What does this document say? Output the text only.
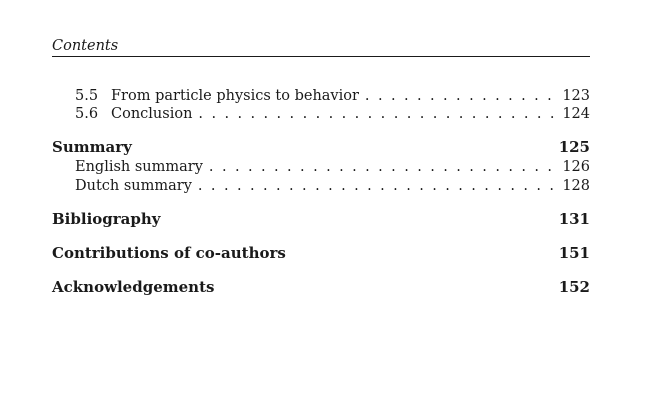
Contents
5.5 From particle physics to behavior . . .	123
5.6 Conclusion . . .	124
Summary	125
English summary . . .	126
Dutch summary . . .	128
Bibliography	131
Contributions of co-authors	151
Acknowledgements	152
